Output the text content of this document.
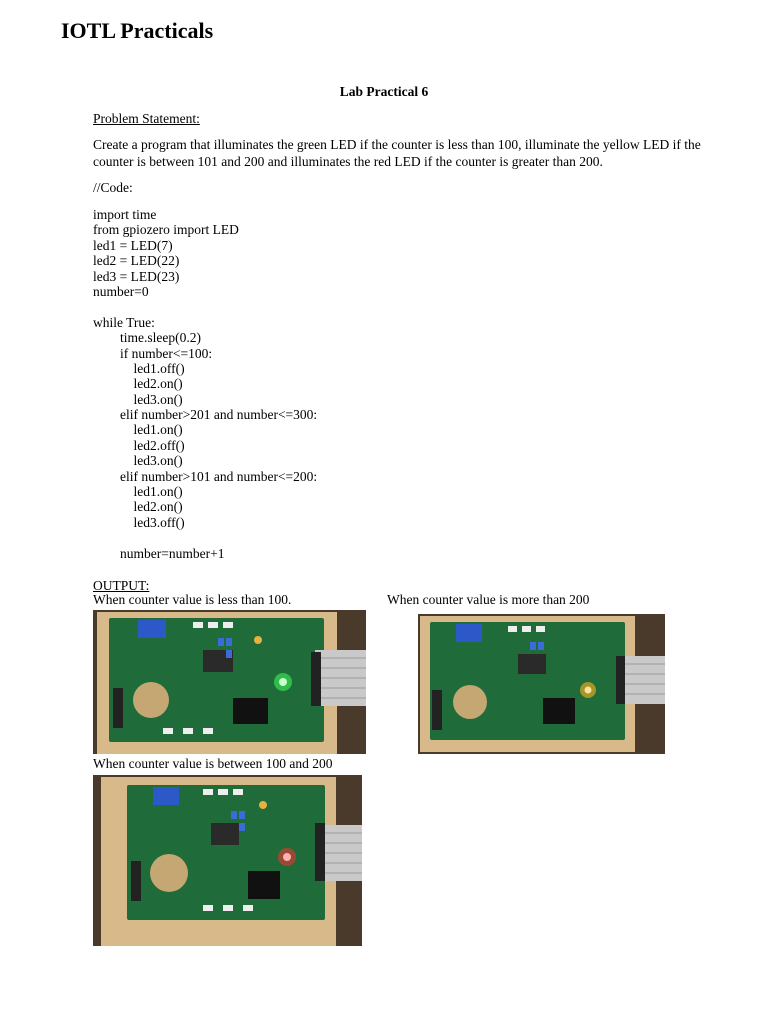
IOTL Practicals
Lab Practical 6
Problem Statement:
Create a program that illuminates the green LED if the counter is less than 100, illuminate the yellow LED if the counter is between 101 and 200 and illuminates the red LED if the counter is greater than 200.
//Code:
import time
from gpiozero import LED
led1 = LED(7)
led2 = LED(22)
led3 = LED(23)
number=0
while True:
time.sleep(0.2)
if number<=100:
led1.off()
led2.on()
led3.on()
elif number>201 and number<=300:
led1.on()
led2.off()
led3.on()
elif number>101 and number<=200:
led1.on()
led2.on()
led3.off()
number=number+1
OUTPUT:
When counter value is less than 100.	When counter value is more than 200
When counter value is between 100 and 200
